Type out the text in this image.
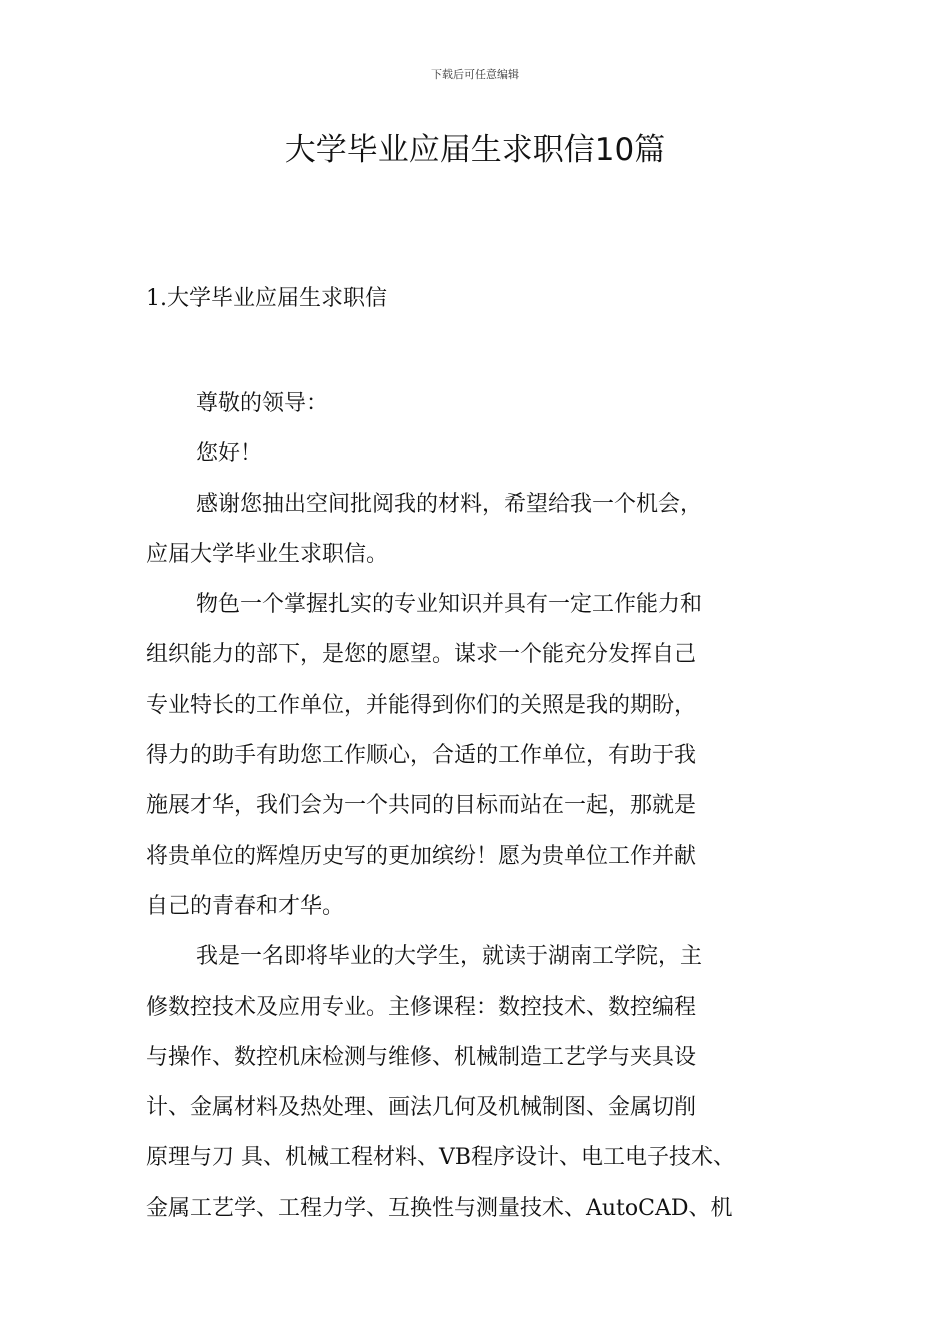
下载后可任意编辑
大学毕业应届生求职信10篇
1.大学毕业应届生求职信
尊敬的领导：
您好！
感谢您抽出空间批阅我的材料，希望给我一个机会，
应届大学毕业生求职信。
物色一个掌握扎实的专业知识并具有一定工作能力和
组织能力的部下，是您的愿望。谋求一个能充分发挥自己
专业特长的工作单位，并能得到你们的关照是我的期盼，
得力的助手有助您工作顺心，合适的工作单位，有助于我
施展才华，我们会为一个共同的目标而站在一起，那就是
将贵单位的辉煌历史写的更加缤纷！愿为贵单位工作并献
自己的青春和才华。
我是一名即将毕业的大学生，就读于湖南工学院，主
修数控技术及应用专业。主修课程：数控技术、数控编程
与操作、数控机床检测与维修、机械制造工艺学与夹具设
计、金属材料及热处理、画法几何及机械制图、金属切削
原理与刀 具、机械工程材料、VB程序设计、电工电子技术、
金属工艺学、工程力学、互换性与测量技术、AutoCAD、机
